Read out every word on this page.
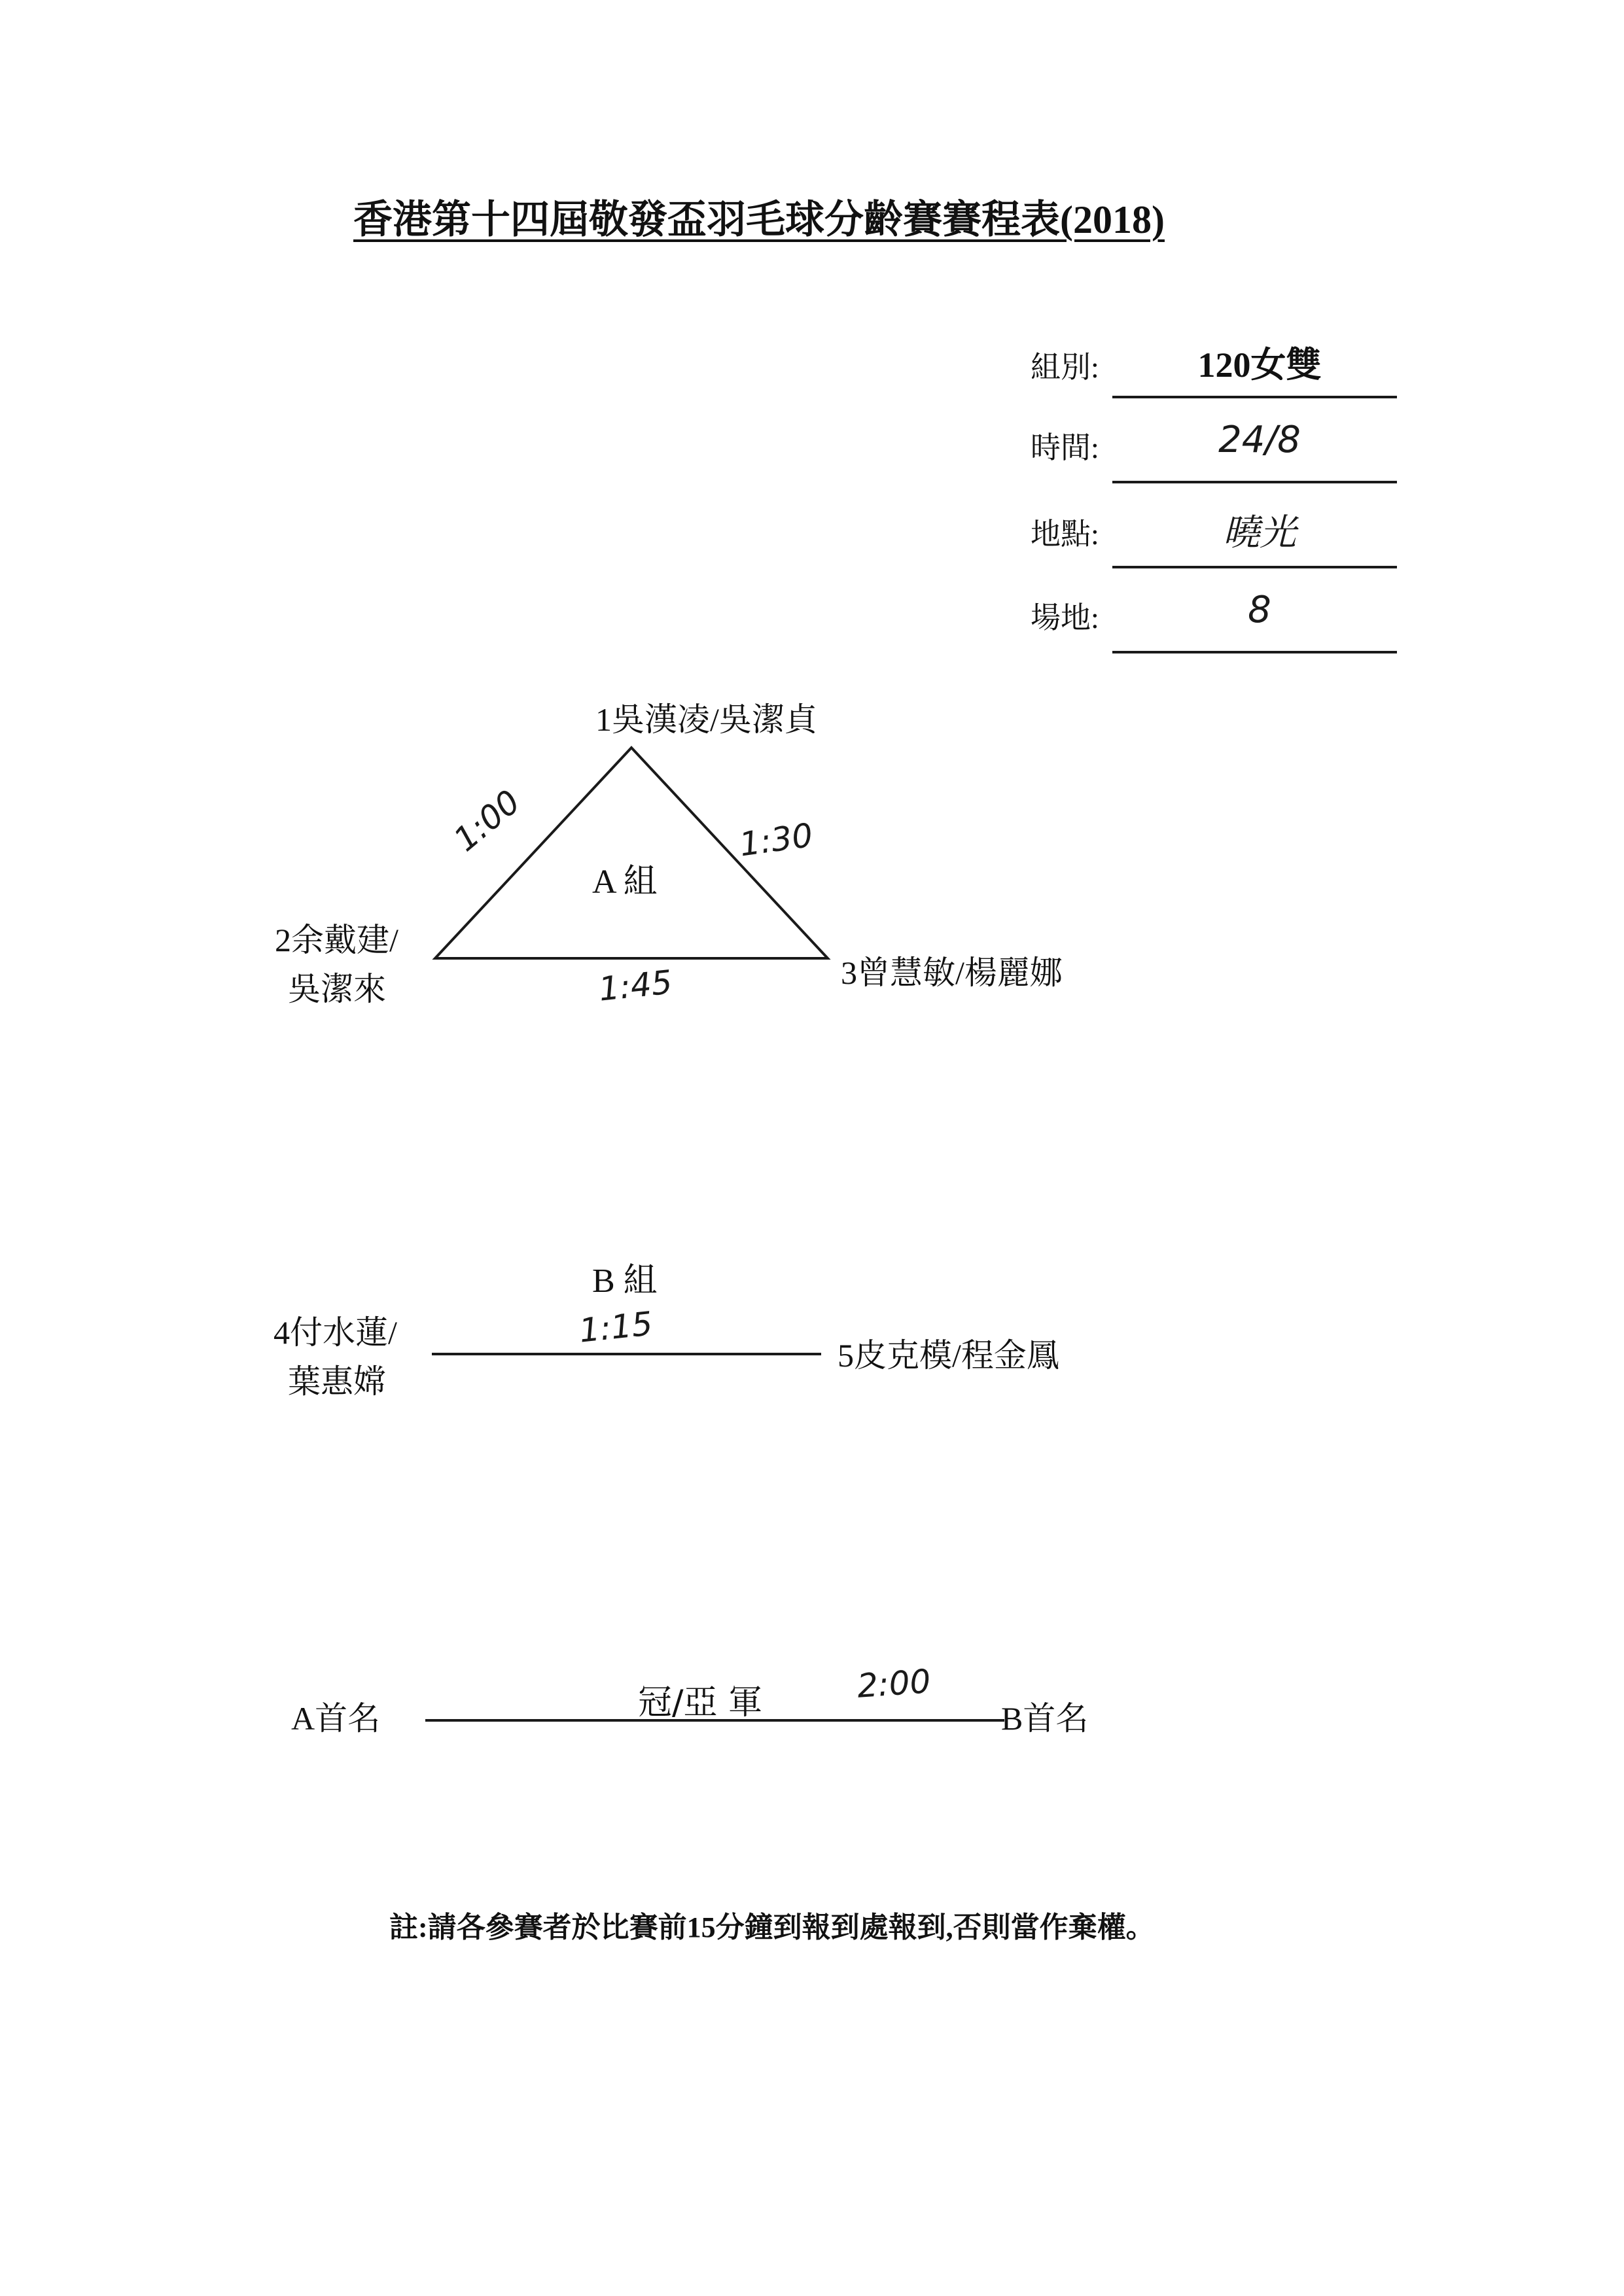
香港第十四屆敬發盃羽毛球分齡賽賽程表(2018)
組別:	120女雙
時間:	24/8
地點:	曉光
場地:	8
1吳漢凌/吳潔貞
A 組
2余戴建/
吳潔來	3曾慧敏/楊麗娜
1:00	1:30
1:45
B 組
4付水蓮/
葉惠嫦
5皮克模/程金鳳
1:15
A首名	B首名
冠/亞 軍	2:00
註:請各參賽者於比賽前15分鐘到報到處報到,否則當作棄權。
